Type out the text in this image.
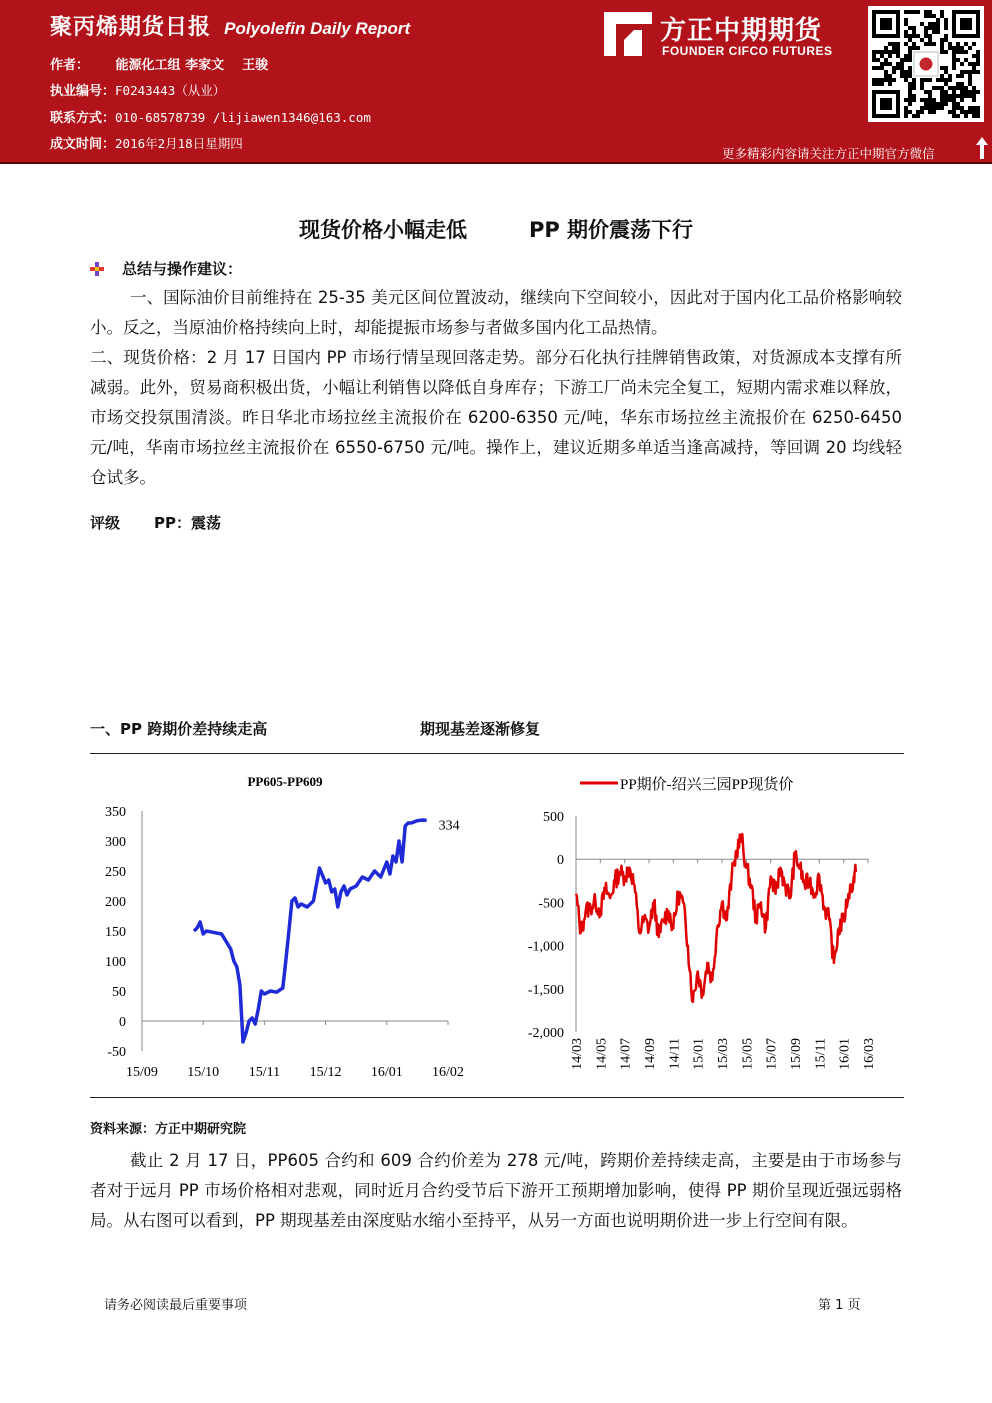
聚丙烯期货日报 Polyolefin Daily Report
作者： 能源化工组 李家文    王骏
执业编号：F0243443（从业）
联系方式：010-68578739 /lijiawen1346@163.com
成文时间：2016年2月18日星期四
方正中期期货
FOUNDER CIFCO FUTURES
更多精彩内容请关注方正中期官方微信
现货价格小幅走低	PP 期价震荡下行
总结与操作建议：
一、国际油价目前维持在 25-35 美元区间位置波动，继续向下空间较小，因此对于国内化工品价格影响较小。反之，当原油价格持续向上时，却能提振市场参与者做多国内化工品热情。
二、现货价格：2 月 17 日国内 PP 市场行情呈现回落走势。部分石化执行挂牌销售政策，对货源成本支撑有所减弱。此外，贸易商积极出货，小幅让利销售以降低自身库存；下游工厂尚未完全复工，短期内需求难以释放，市场交投氛围清淡。昨日华北市场拉丝主流报价在 6200-6350 元/吨，华东市场拉丝主流报价在 6250-6450 元/吨，华南市场拉丝主流报价在 6550-6750 元/吨。操作上，建议近期多单适当逢高减持，等回调 20 均线轻仓试多。
评级 PP：震荡
一、PP 跨期价差持续走高	期现基差逐渐修复
PP605-PP609
350
300
250
200
150
100
50
0
-50
15/09 15/10 15/11 15/12 16/01 16/02
334
PP期价-绍兴三园PP现货价
500
0
-500
-1,000
-1,500
-2,000
14/03 14/05 14/07 14/09 14/11 15/01 15/03 15/05 15/07 15/09 15/11 16/01 16/03
资料来源：方正中期研究院
截止 2 月 17 日，PP605 合约和 609 合约价差为 278 元/吨，跨期价差持续走高，主要是由于市场参与者对于远月 PP 市场价格相对悲观，同时近月合约受节后下游开工预期增加影响，使得 PP 期价呈现近强远弱格局。从右图可以看到，PP 期现基差由深度贴水缩小至持平，从另一方面也说明期价进一步上行空间有限。
请务必阅读最后重要事项	第 1 页
